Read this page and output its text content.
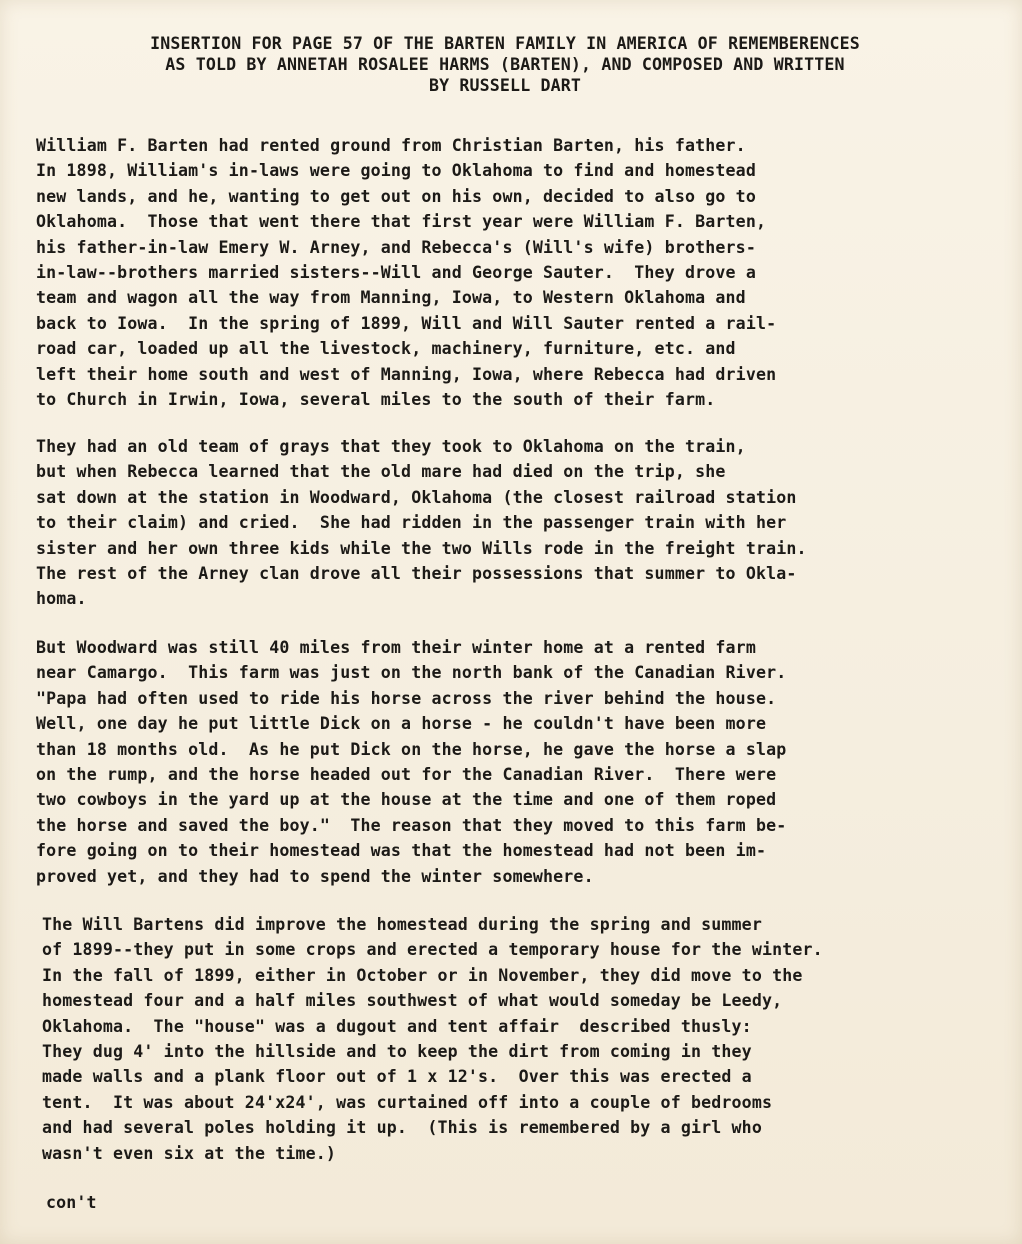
INSERTION FOR PAGE 57 OF THE BARTEN FAMILY IN AMERICA OF REMEMBERENCES
AS TOLD BY ANNETAH ROSALEE HARMS (BARTEN), AND COMPOSED AND WRITTEN
BY RUSSELL DART
William F. Barten had rented ground from Christian Barten, his father.
In 1898, William's in-laws were going to Oklahoma to find and homestead
new lands, and he, wanting to get out on his own, decided to also go to
Oklahoma.  Those that went there that first year were William F. Barten,
his father-in-law Emery W. Arney, and Rebecca's (Will's wife) brothers-
in-law--brothers married sisters--Will and George Sauter.  They drove a
team and wagon all the way from Manning, Iowa, to Western Oklahoma and
back to Iowa.  In the spring of 1899, Will and Will Sauter rented a rail-
road car, loaded up all the livestock, machinery, furniture, etc. and
left their home south and west of Manning, Iowa, where Rebecca had driven
to Church in Irwin, Iowa, several miles to the south of their farm.
They had an old team of grays that they took to Oklahoma on the train,
but when Rebecca learned that the old mare had died on the trip, she
sat down at the station in Woodward, Oklahoma (the closest railroad station
to their claim) and cried.  She had ridden in the passenger train with her
sister and her own three kids while the two Wills rode in the freight train.
The rest of the Arney clan drove all their possessions that summer to Okla-
homa.
But Woodward was still 40 miles from their winter home at a rented farm
near Camargo.  This farm was just on the north bank of the Canadian River.
"Papa had often used to ride his horse across the river behind the house.
Well, one day he put little Dick on a horse - he couldn't have been more
than 18 months old.  As he put Dick on the horse, he gave the horse a slap
on the rump, and the horse headed out for the Canadian River.  There were
two cowboys in the yard up at the house at the time and one of them roped
the horse and saved the boy."  The reason that they moved to this farm be-
fore going on to their homestead was that the homestead had not been im-
proved yet, and they had to spend the winter somewhere.
The Will Bartens did improve the homestead during the spring and summer
of 1899--they put in some crops and erected a temporary house for the winter.
In the fall of 1899, either in October or in November, they did move to the
homestead four and a half miles southwest of what would someday be Leedy,
Oklahoma.  The "house" was a dugout and tent affair  described thusly:
They dug 4' into the hillside and to keep the dirt from coming in they
made walls and a plank floor out of 1 x 12's.  Over this was erected a
tent.  It was about 24'x24', was curtained off into a couple of bedrooms
and had several poles holding it up.  (This is remembered by a girl who
wasn't even six at the time.)
con't
